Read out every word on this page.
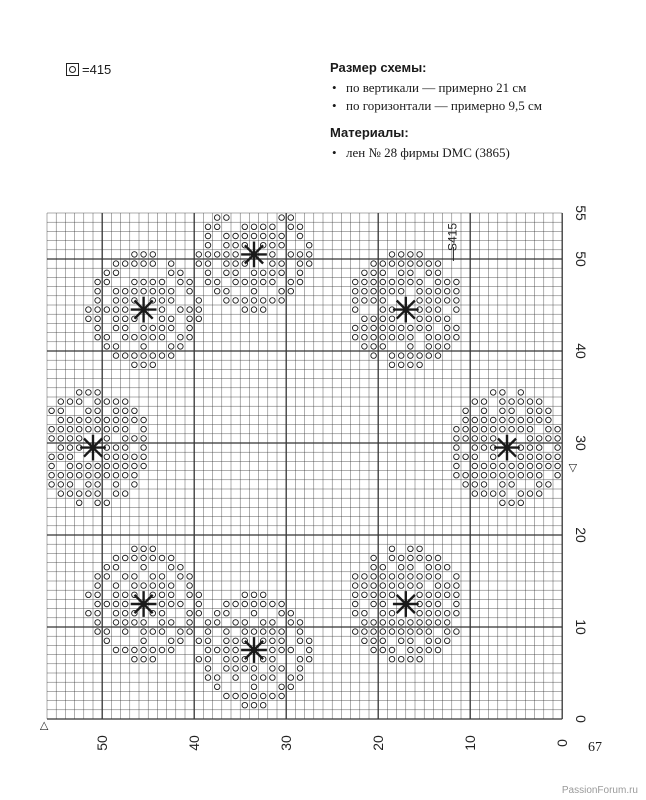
=415	Размер схемы:

• по вертикали — примерно 21 см
• по горизонтали — примерно 9,5 см

Материалы:

• лен № 28 фирмы DMC (3865)
50	40	30	20	10	0
55
50
40
30
20
10
0
▷
▷
S415
67
PassionForum.ru
